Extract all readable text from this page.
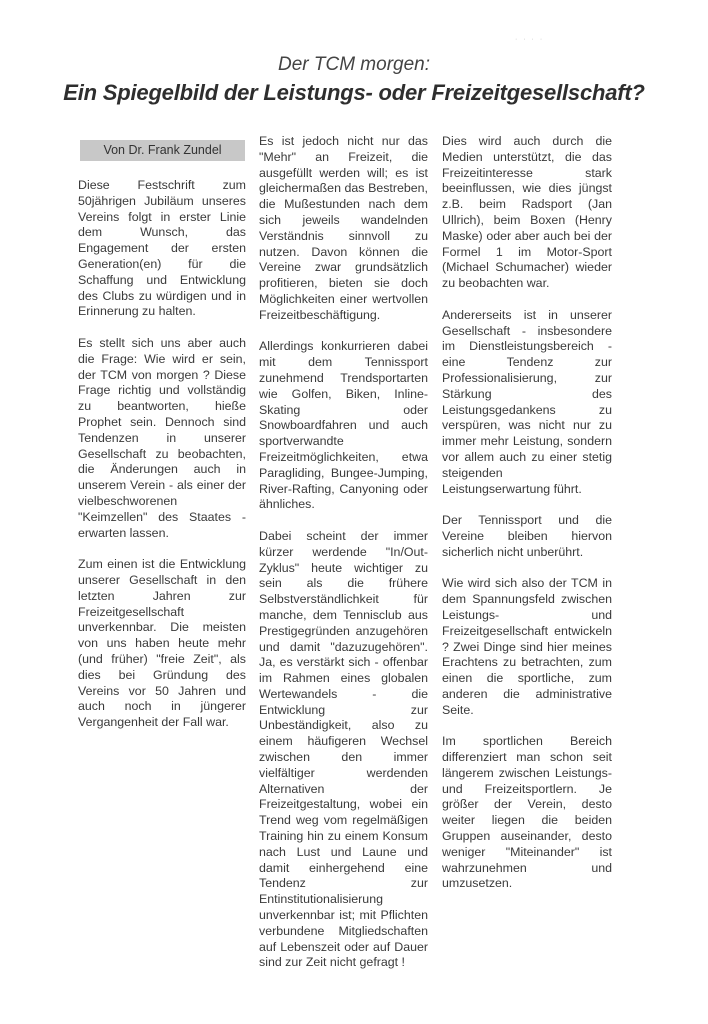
· · · ·
Der TCM morgen:
Ein Spiegelbild der Leistungs- oder Freizeitgesellschaft?
Von Dr. Frank Zundel

Diese Festschrift zum 50jährigen Jubiläum unseres Vereins folgt in erster Linie dem Wunsch, das Engagement der ersten Generation(en) für die Schaffung und Entwicklung des Clubs zu würdigen und in Erinnerung zu halten.

Es stellt sich uns aber auch die Frage: Wie wird er sein, der TCM von morgen ? Diese Frage richtig und vollständig zu beantworten, hieße Prophet sein. Dennoch sind Tendenzen in unserer Gesellschaft zu beobachten, die Änderungen auch in unserem Verein - als einer der vielbeschworenen "Keimzellen" des Staates - erwarten lassen.

Zum einen ist die Entwicklung unserer Gesellschaft in den letzten Jahren zur Freizeitgesellschaft unverkennbar. Die meisten von uns haben heute mehr (und früher) "freie Zeit", als dies bei Gründung des Vereins vor 50 Jahren und auch noch in jüngerer Vergangenheit der Fall war.

Es ist jedoch nicht nur das "Mehr" an Freizeit, die ausgefüllt werden will; es ist gleichermaßen das Bestreben, die Mußestunden nach dem sich jeweils wandelnden Verständnis sinnvoll zu nutzen. Davon können die Vereine zwar grundsätzlich profitieren, bieten sie doch Möglichkeiten einer wertvollen Freizeitbeschäftigung.

Allerdings konkurrieren dabei mit dem Tennissport zunehmend Trendsportarten wie Golfen, Biken, Inline-Skating oder Snowboardfahren und auch sportverwandte Freizeitmöglichkeiten, etwa Paragliding, Bungee-Jumping, River-Rafting, Canyoning oder ähnliches.

Dabei scheint der immer kürzer werdende "In/Out-Zyklus" heute wichtiger zu sein als die frühere Selbstverständlichkeit für manche, dem Tennisclub aus Prestigegründen anzugehören und damit "dazuzugehören". Ja, es verstärkt sich - offenbar im Rahmen eines globalen Wertewandels - die Entwicklung zur Unbeständigkeit, also zu einem häufigeren Wechsel zwischen den immer vielfältiger werdenden Alternativen der Freizeitgestaltung, wobei ein Trend weg vom regelmäßigen Training hin zu einem Konsum nach Lust und Laune und damit einhergehend eine Tendenz zur Entinstitutionalisierung unverkennbar ist; mit Pflichten verbundene Mitgliedschaften auf Lebenszeit oder auf Dauer sind zur Zeit nicht gefragt !

Dies wird auch durch die Medien unterstützt, die das Freizeitinteresse stark beeinflussen, wie dies jüngst z.B. beim Radsport (Jan Ullrich), beim Boxen (Henry Maske) oder aber auch bei der Formel 1 im Motor-Sport (Michael Schumacher) wieder zu beobachten war.

Andererseits ist in unserer Gesellschaft - insbesondere im Dienstleistungsbereich - eine Tendenz zur Professionalisierung, zur Stärkung des Leistungsgedankens zu verspüren, was nicht nur zu immer mehr Leistung, sondern vor allem auch zu einer stetig steigenden Leistungserwartung führt.

Der Tennissport und die Vereine bleiben hiervon sicherlich nicht unberührt.

Wie wird sich also der TCM in dem Spannungsfeld zwischen Leistungs- und Freizeitgesellschaft entwickeln ? Zwei Dinge sind hier meines Erachtens zu betrachten, zum einen die sportliche, zum anderen die administrative Seite.

Im sportlichen Bereich differenziert man schon seit längerem zwischen Leistungs- und Freizeitsportlern. Je größer der Verein, desto weiter liegen die beiden Gruppen auseinander, desto weniger "Miteinander" ist wahrzunehmen und umzusetzen.
